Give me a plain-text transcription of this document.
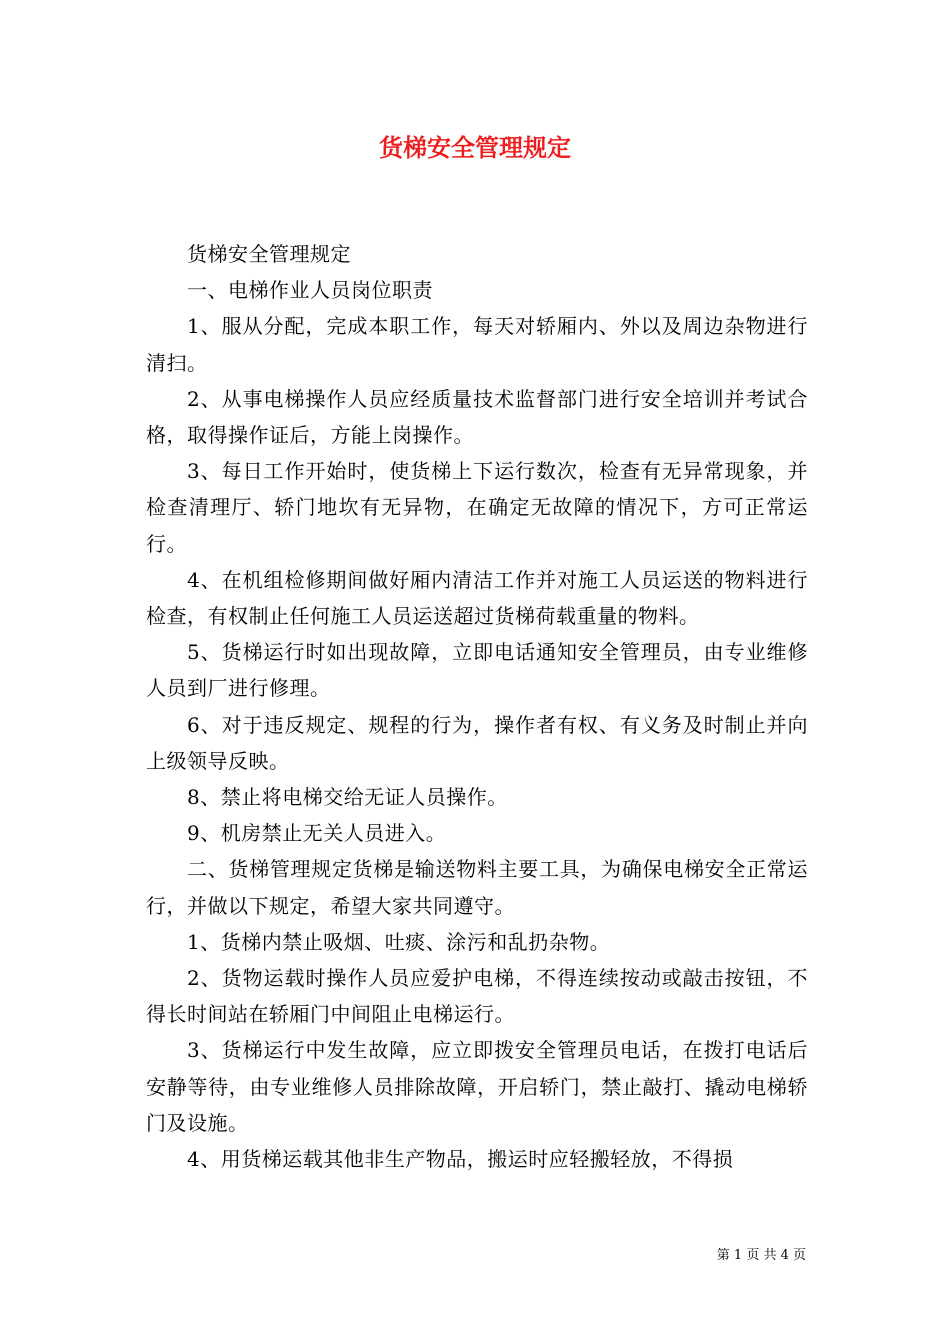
货梯安全管理规定

货梯安全管理规定

一、电梯作业人员岗位职责

1、服从分配，完成本职工作，每天对轿厢内、外以及周边杂物进行清扫。

2、从事电梯操作人员应经质量技术监督部门进行安全培训并考试合格，取得操作证后，方能上岗操作。

3、每日工作开始时，使货梯上下运行数次，检查有无异常现象，并检查清理厅、轿门地坎有无异物，在确定无故障的情况下，方可正常运行。

4、在机组检修期间做好厢内清洁工作并对施工人员运送的物料进行检查，有权制止任何施工人员运送超过货梯荷载重量的物料。

5、货梯运行时如出现故障，立即电话通知安全管理员，由专业维修人员到厂进行修理。

6、对于违反规定、规程的行为，操作者有权、有义务及时制止并向上级领导反映。

8、禁止将电梯交给无证人员操作。

9、机房禁止无关人员进入。

二、货梯管理规定货梯是输送物料主要工具，为确保电梯安全正常运行，并做以下规定，希望大家共同遵守。

1、货梯内禁止吸烟、吐痰、涂污和乱扔杂物。

2、货物运载时操作人员应爱护电梯，不得连续按动或敲击按钮，不得长时间站在轿厢门中间阻止电梯运行。

3、货梯运行中发生故障，应立即拨安全管理员电话，在拨打电话后安静等待，由专业维修人员排除故障，开启轿门，禁止敲打、撬动电梯轿门及设施。

4、用货梯运载其他非生产物品，搬运时应轻搬轻放，不得损

第 1 页 共 4 页
